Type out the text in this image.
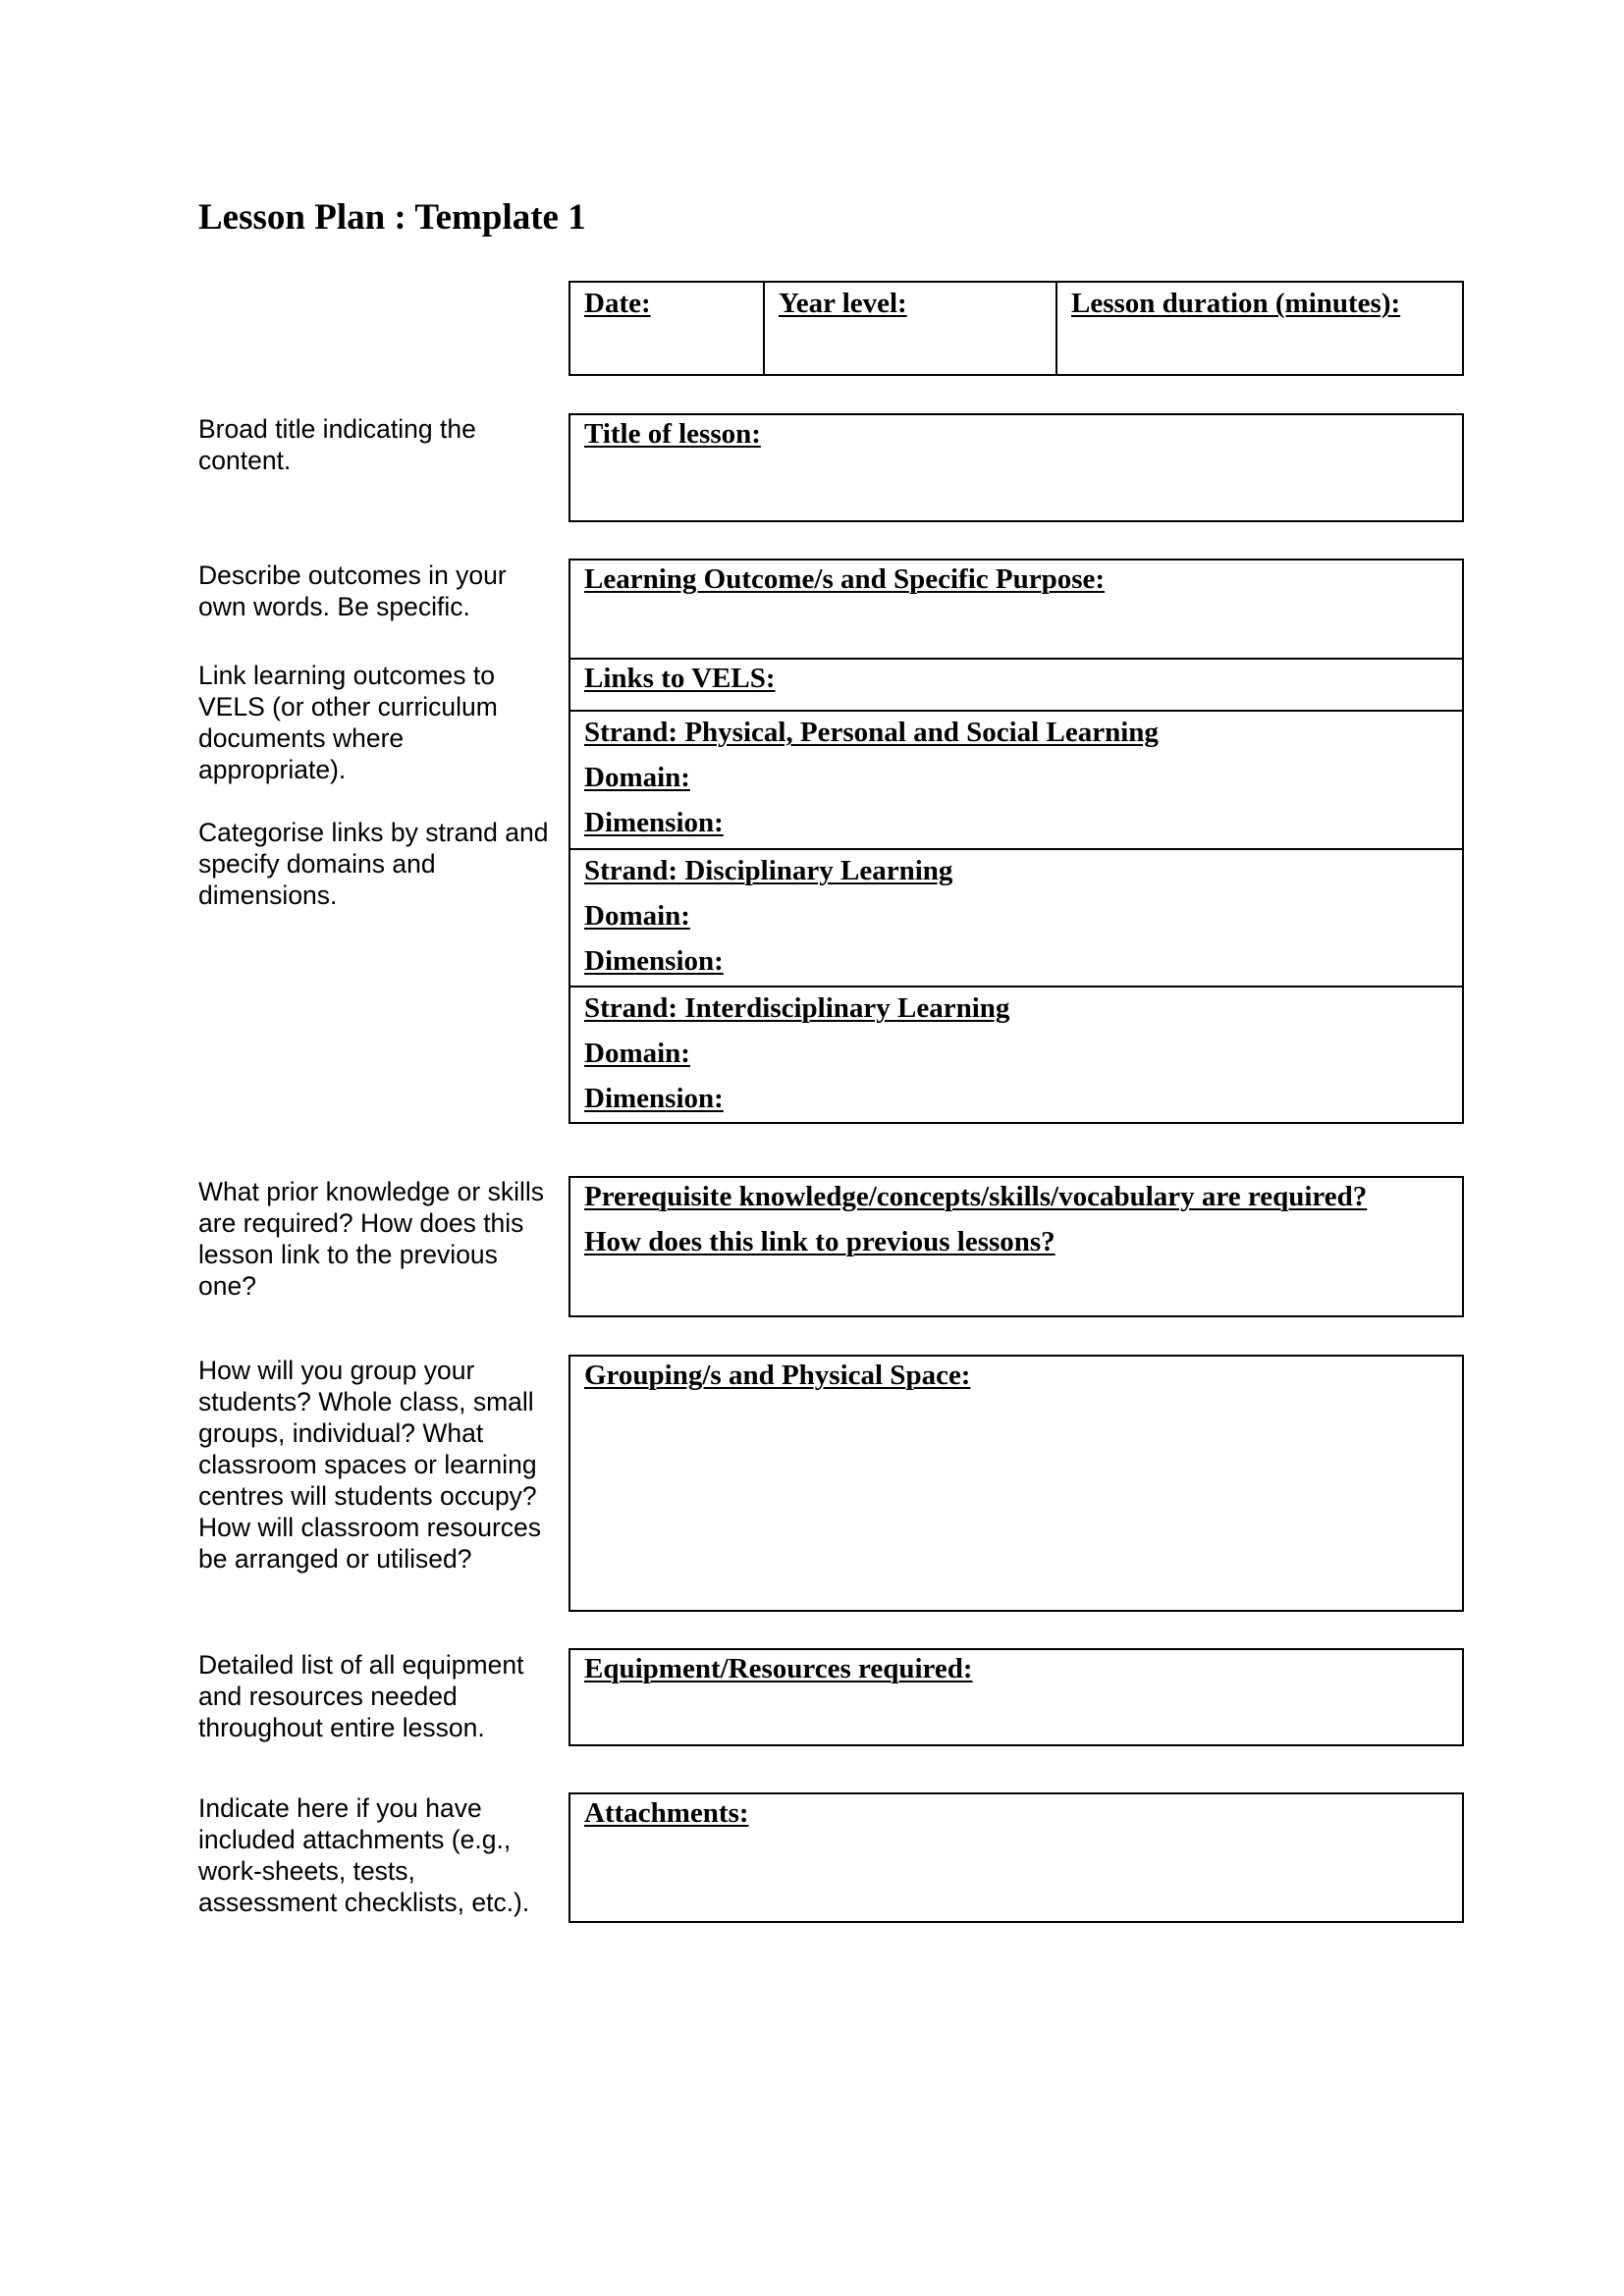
Lesson Plan : Template 1
Date:	Year level:	Lesson duration (minutes):

Broad title indicating the content.

Title of lesson:

Describe outcomes in your own words. Be specific.

Link learning outcomes to VELS (or other curriculum documents where appropriate).

Categorise links by strand and specify domains and dimensions.

Learning Outcome/s and Specific Purpose:
Links to VELS:
Strand: Physical, Personal and Social Learning
Domain:
Dimension:
Strand: Disciplinary Learning
Domain:
Dimension:
Strand: Interdisciplinary Learning
Domain:
Dimension:

What prior knowledge or skills are required? How does this lesson link to the previous one?

Prerequisite knowledge/concepts/skills/vocabulary are required?
How does this link to previous lessons?

How will you group your students? Whole class, small groups, individual? What classroom spaces or learning centres will students occupy? How will classroom resources be arranged or utilised?

Grouping/s and Physical Space:

Detailed list of all equipment and resources needed throughout entire lesson.

Equipment/Resources required:

Indicate here if you have included attachments (e.g., work-sheets, tests, assessment checklists, etc.).

Attachments:
